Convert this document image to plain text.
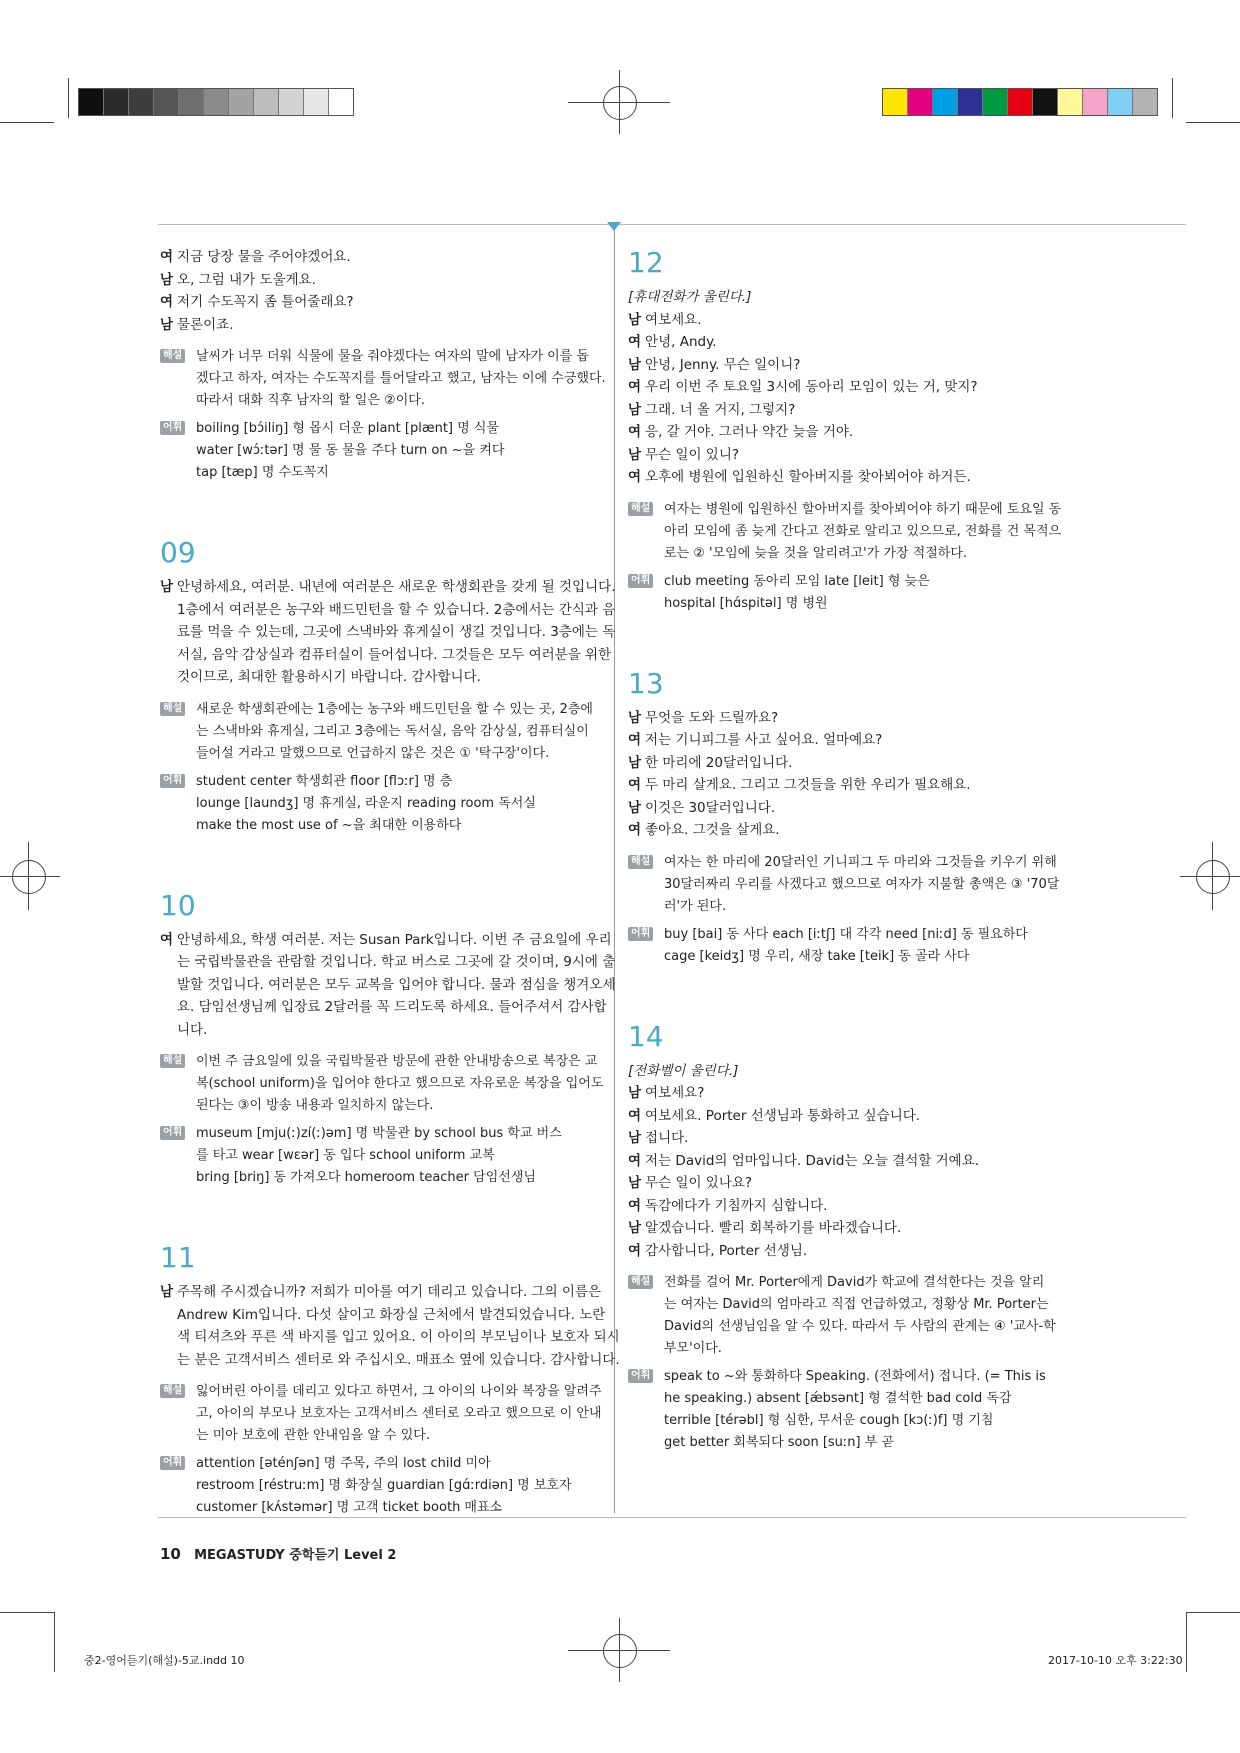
여 지금 당장 물을 주어야겠어요.
남 오, 그럼 내가 도울게요.
여 저기 수도꼭지 좀 틀어줄래요?
남 물론이죠.
해설 날씨가 너무 더워 식물에 물을 줘야겠다는 여자의 말에 남자가 이를 돕
겠다고 하자, 여자는 수도꼭지를 틀어달라고 했고, 남자는 이에 수긍했다.
따라서 대화 직후 남자의 할 일은 ②이다.
어휘 boiling [bɔ́iliŋ] 형 몹시 더운 plant [plænt] 명 식물
water [wɔ́ːtər] 명 물 동 물을 주다 turn on ~을 켜다
tap [tæp] 명 수도꼭지
09
남 안녕하세요, 여러분. 내년에 여러분은 새로운 학생회관을 갖게 될 것입니다.
1층에서 여러분은 농구와 배드민턴을 할 수 있습니다. 2층에서는 간식과 음
료를 먹을 수 있는데, 그곳에 스낵바와 휴게실이 생길 것입니다. 3층에는 독
서실, 음악 감상실과 컴퓨터실이 들어섭니다. 그것들은 모두 여러분을 위한
것이므로, 최대한 활용하시기 바랍니다. 감사합니다.
해설 새로운 학생회관에는 1층에는 농구와 배드민턴을 할 수 있는 곳, 2층에
는 스낵바와 휴게실, 그리고 3층에는 독서실, 음악 감상실, 컴퓨터실이
들어설 거라고 말했으므로 언급하지 않은 것은 ① '탁구장'이다.
어휘 student center 학생회관 floor [flɔːr] 명 층
lounge [laundʒ] 명 휴게실, 라운지 reading room 독서실
make the most use of ~을 최대한 이용하다
10
여 안녕하세요, 학생 여러분. 저는 Susan Park입니다. 이번 주 금요일에 우리
는 국립박물관을 관람할 것입니다. 학교 버스로 그곳에 갈 것이며, 9시에 출
발할 것입니다. 여러분은 모두 교복을 입어야 합니다. 물과 점심을 챙겨오세
요. 담임선생님께 입장료 2달러를 꼭 드리도록 하세요. 들어주셔서 감사합
니다.
해설 이번 주 금요일에 있을 국립박물관 방문에 관한 안내방송으로 복장은 교
복(school uniform)을 입어야 한다고 했으므로 자유로운 복장을 입어도
된다는 ③이 방송 내용과 일치하지 않는다.
어휘 museum [mju(ː)zí(ː)əm] 명 박물관 by school bus 학교 버스
를 타고 wear [wɛər] 동 입다 school uniform 교복
bring [briŋ] 동 가져오다 homeroom teacher 담임선생님
11
남 주목해 주시겠습니까? 저희가 미아를 여기 데리고 있습니다. 그의 이름은
Andrew Kim입니다. 다섯 살이고 화장실 근처에서 발견되었습니다. 노란
색 티셔츠와 푸른 색 바지를 입고 있어요. 이 아이의 부모님이나 보호자 되시
는 분은 고객서비스 센터로 와 주십시오. 매표소 옆에 있습니다. 감사합니다.
해설 잃어버린 아이를 데리고 있다고 하면서, 그 아이의 나이와 복장을 알려주
고, 아이의 부모나 보호자는 고객서비스 센터로 오라고 했으므로 이 안내
는 미아 보호에 관한 안내임을 알 수 있다.
어휘 attention [əténʃən] 명 주목, 주의 lost child 미아
restroom [réstruːm] 명 화장실 guardian [gɑ́ːrdiən] 명 보호자
customer [kʌ́stəmər] 명 고객 ticket booth 매표소
12
[휴대전화가 울린다.]
남 여보세요.
여 안녕, Andy.
남 안녕, Jenny. 무슨 일이니?
여 우리 이번 주 토요일 3시에 동아리 모임이 있는 거, 맞지?
남 그래. 너 올 거지, 그렇지?
여 응, 갈 거야. 그러나 약간 늦을 거야.
남 무슨 일이 있니?
여 오후에 병원에 입원하신 할아버지를 찾아뵈어야 하거든.
해설 여자는 병원에 입원하신 할아버지를 찾아뵈어야 하기 때문에 토요일 동
아리 모임에 좀 늦게 간다고 전화로 알리고 있으므로, 전화를 건 목적으
로는 ② '모임에 늦을 것을 알리려고'가 가장 적절하다.
어휘 club meeting 동아리 모임 late [leit] 형 늦은
hospital [hɑ́spitəl] 명 병원
13
남 무엇을 도와 드릴까요?
여 저는 기니피그를 사고 싶어요. 얼마예요?
남 한 마리에 20달러입니다.
여 두 마리 살게요. 그리고 그것들을 위한 우리가 필요해요.
남 이것은 30달러입니다.
여 좋아요. 그것을 살게요.
해설 여자는 한 마리에 20달러인 기니피그 두 마리와 그것들을 키우기 위해
30달러짜리 우리를 사겠다고 했으므로 여자가 지불할 총액은 ③ '70달
러'가 된다.
어휘 buy [bai] 동 사다 each [iːtʃ] 대 각각 need [niːd] 동 필요하다
cage [keidʒ] 명 우리, 새장 take [teik] 동 골라 사다
14
[전화벨이 울린다.]
남 여보세요?
여 여보세요. Porter 선생님과 통화하고 싶습니다.
남 접니다.
여 저는 David의 엄마입니다. David는 오늘 결석할 거예요.
남 무슨 일이 있나요?
여 독감에다가 기침까지 심합니다.
남 알겠습니다. 빨리 회복하기를 바라겠습니다.
여 감사합니다, Porter 선생님.
해설 전화를 걸어 Mr. Porter에게 David가 학교에 결석한다는 것을 알리
는 여자는 David의 엄마라고 직접 언급하였고, 정황상 Mr. Porter는
David의 선생님임을 알 수 있다. 따라서 두 사람의 관계는 ④ '교사-학
부모'이다.
어휘 speak to ~와 통화하다 Speaking. (전화에서) 접니다. (= This is
he speaking.) absent [ǽbsənt] 형 결석한 bad cold 독감
terrible [térəbl] 형 심한, 무서운 cough [kɔ(ː)f] 명 기침
get better 회복되다 soon [suːn] 부 곧
10 MEGASTUDY 중학듣기 Level 2
중2-영어듣기(해설)-5교.indd 10	2017-10-10 오후 3:22:30
